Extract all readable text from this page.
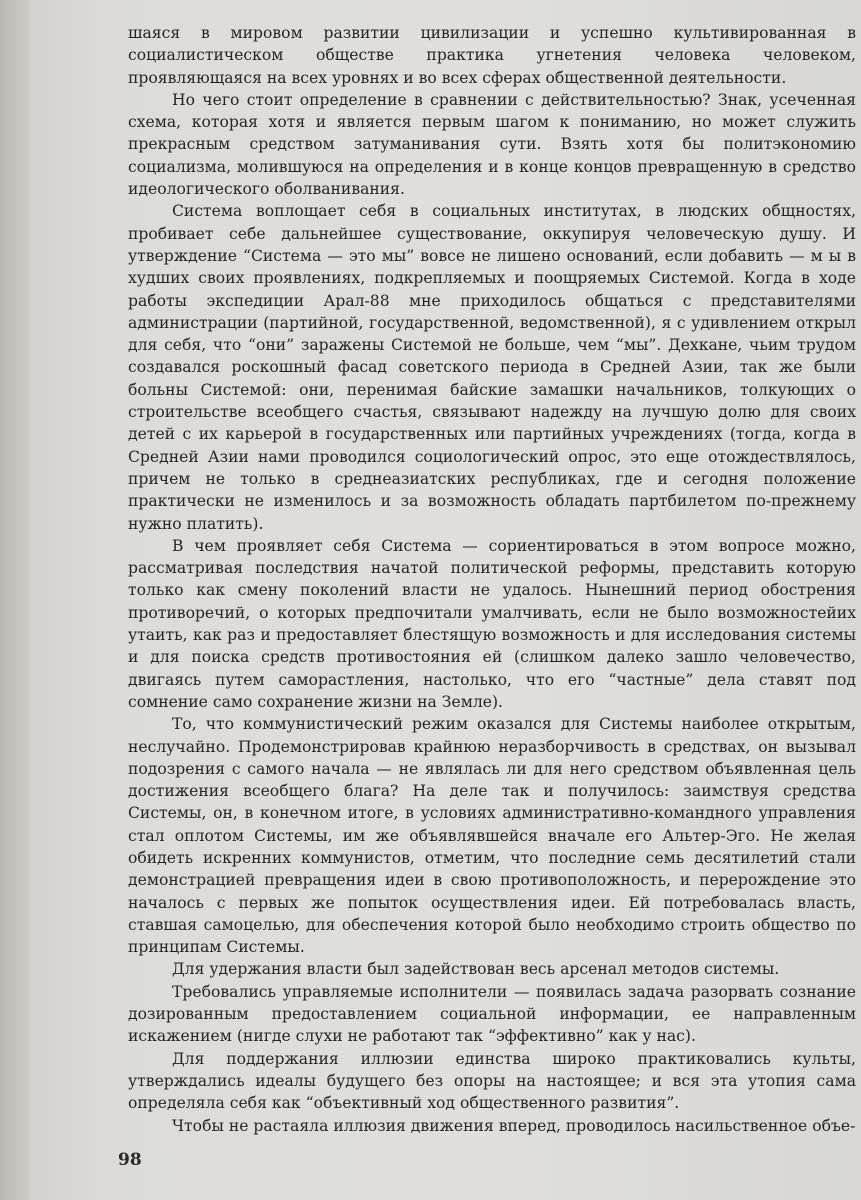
шаяся в мировом развитии цивилизации и успешно культивированная в социалистическом обществе практика угнетения человека человеком, проявляющаяся на всех уровнях и во всех сферах общественной деятельности.

Но чего стоит определение в сравнении с действительностью? Знак, усеченная схема, которая хотя и является первым шагом к пониманию, но может служить прекрасным средством затуманивания сути. Взять хотя бы политэкономию социализма, молившуюся на определения и в конце концов превращенную в средство идеологического оболванивания.

Система воплощает себя в социальных институтах, в людских общностях, пробивает себе дальнейшее существование, оккупируя человеческую душу. И утверждение “Система — это мы” вовсе не лишено оснований, если добавить — м ы в худших своих проявлениях, подкрепляемых и поощряемых Системой. Когда в ходе работы экспедиции Арал-88 мне приходилось общаться с представителями администрации (партийной, государственной, ведомственной), я с удивлением открыл для себя, что “они” заражены Системой не больше, чем “мы”. Дехкане, чьим трудом создавался роскошный фасад советского периода в Средней Азии, так же были больны Системой: они, перенимая байские замашки начальников, толкующих о строительстве всеобщего счастья, связывают надежду на лучшую долю для своих детей с их карьерой в государственных или партийных учреждениях (тогда, когда в Средней Азии нами проводился социологический опрос, это еще отождествлялось, причем не только в среднеазиатских республиках, где и сегодня положение практически не изменилось и за возможность обладать партбилетом по-прежнему нужно платить).

В чем проявляет себя Система — сориентироваться в этом вопросе можно, рассматривая последствия начатой политической реформы, представить которую только как смену поколений власти не удалось. Нынешний период обострения противоречий, о которых предпочитали умалчивать, если не было возможностейих утаить, как раз и предоставляет блестящую возможность и для исследования системы и для поиска средств противостояния ей (слишком далеко зашло человечество, двигаясь путем саморастления, настолько, что его “частные” дела ставят под сомнение само сохранение жизни на Земле).

То, что коммунистический режим оказался для Системы наиболее открытым, неслучайно. Продемонстрировав крайнюю неразборчивость в средствах, он вызывал подозрения с самого начала — не являлась ли для него средством объявленная цель достижения всеобщего блага? На деле так и получилось: заимствуя средства Системы, он, в конечном итоге, в условиях административно-командного управления стал оплотом Системы, им же объявлявшейся вначале его Альтер-Эго. Не желая обидеть искренних коммунистов, отметим, что последние семь десятилетий стали демонстрацией превращения идеи в свою противоположность, и перерождение это началось с первых же попыток осуществления идеи. Ей потребовалась власть, ставшая самоцелью, для обеспечения которой было необходимо строить общество по принципам Системы.

Для удержания власти был задействован весь арсенал методов системы.

Требовались управляемые исполнители — появилась задача разорвать сознание дозированным предоставлением социальной информации, ее направленным искажением (нигде слухи не работают так “эффективно” как у нас).

Для поддержания иллюзии единства широко практиковались культы, утверждались идеалы будущего без опоры на настоящее; и вся эта утопия сама определяла себя как “объективный ход общественного развития”.

Чтобы не растаяла иллюзия движения вперед, проводилось насильственное объе-

98
